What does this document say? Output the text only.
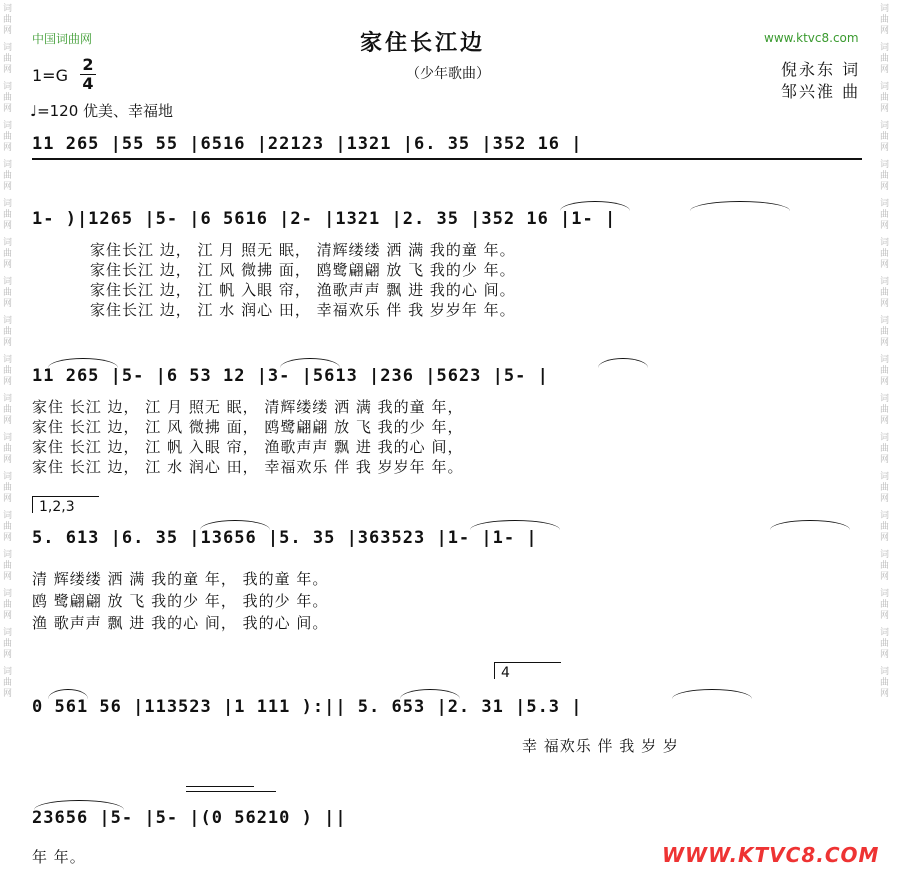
词 曲 网
词 曲 网
词 曲 网
词 曲 网
词 曲 网
词 曲 网
词 曲 网
词 曲 网
词 曲 网
词 曲 网
词 曲 网
词 曲 网
词 曲 网
词 曲 网
词 曲 网
词 曲 网
词 曲 网
词 曲 网
词 曲 网
词 曲 网
词 曲 网
词 曲 网
词 曲 网
词 曲 网
词 曲 网
词 曲 网
词 曲 网
词 曲 网
词 曲 网
词 曲 网
词 曲 网
词 曲 网
词 曲 网
词 曲 网
词 曲 网
词 曲 网
中国词曲网	www.ktvc8.com
家住长江边
（少年歌曲）	倪永东 词
邹兴淮 曲
1=G
2
4
♩=120 优美、幸福地
11 265 |55 55 |6516 |22123 |1321 |6. 35 |352 16 |
1- )|1265 |5- |6 5616 |2- |1321 |2. 35 |352 16 |1- |
家住长江 边， 江 月 照无 眠， 清辉缕缕 洒 满 我的童 年。
家住长江 边， 江 风 微拂 面， 鸥鹭翩翩 放 飞 我的少 年。
家住长江 边， 江 帆 入眼 帘， 渔歌声声 飘 进 我的心 间。
家住长江 边， 江 水 润心 田， 幸福欢乐 伴 我 岁岁年 年。
11 265 |5- |6 53 12 |3- |5613 |236 |5623 |5- |
家住 长江 边， 江 月 照无 眠， 清辉缕缕 洒 满 我的童 年，
家住 长江 边， 江 风 微拂 面， 鸥鹭翩翩 放 飞 我的少 年，
家住 长江 边， 江 帆 入眼 帘， 渔歌声声 飘 进 我的心 间，
家住 长江 边， 江 水 润心 田， 幸福欢乐 伴 我 岁岁年 年。
1,2,3
5. 613 |6. 35 |13656 |5. 35 |363523 |1- |1- |
清 辉缕缕 洒 满 我的童 年， 我的童 年。
鸥 鹭翩翩 放 飞 我的少 年， 我的少 年。
渔 歌声声 飘 进 我的心 间， 我的心 间。
4
0 561 56 |113523 |1 111 ):|| 5. 653 |2. 31 |5.3 |
幸 福欢乐 伴 我 岁 岁
23656 |5- |5- |(0 56210 ) ||
年 年。	WWW.KTVC8.COM
